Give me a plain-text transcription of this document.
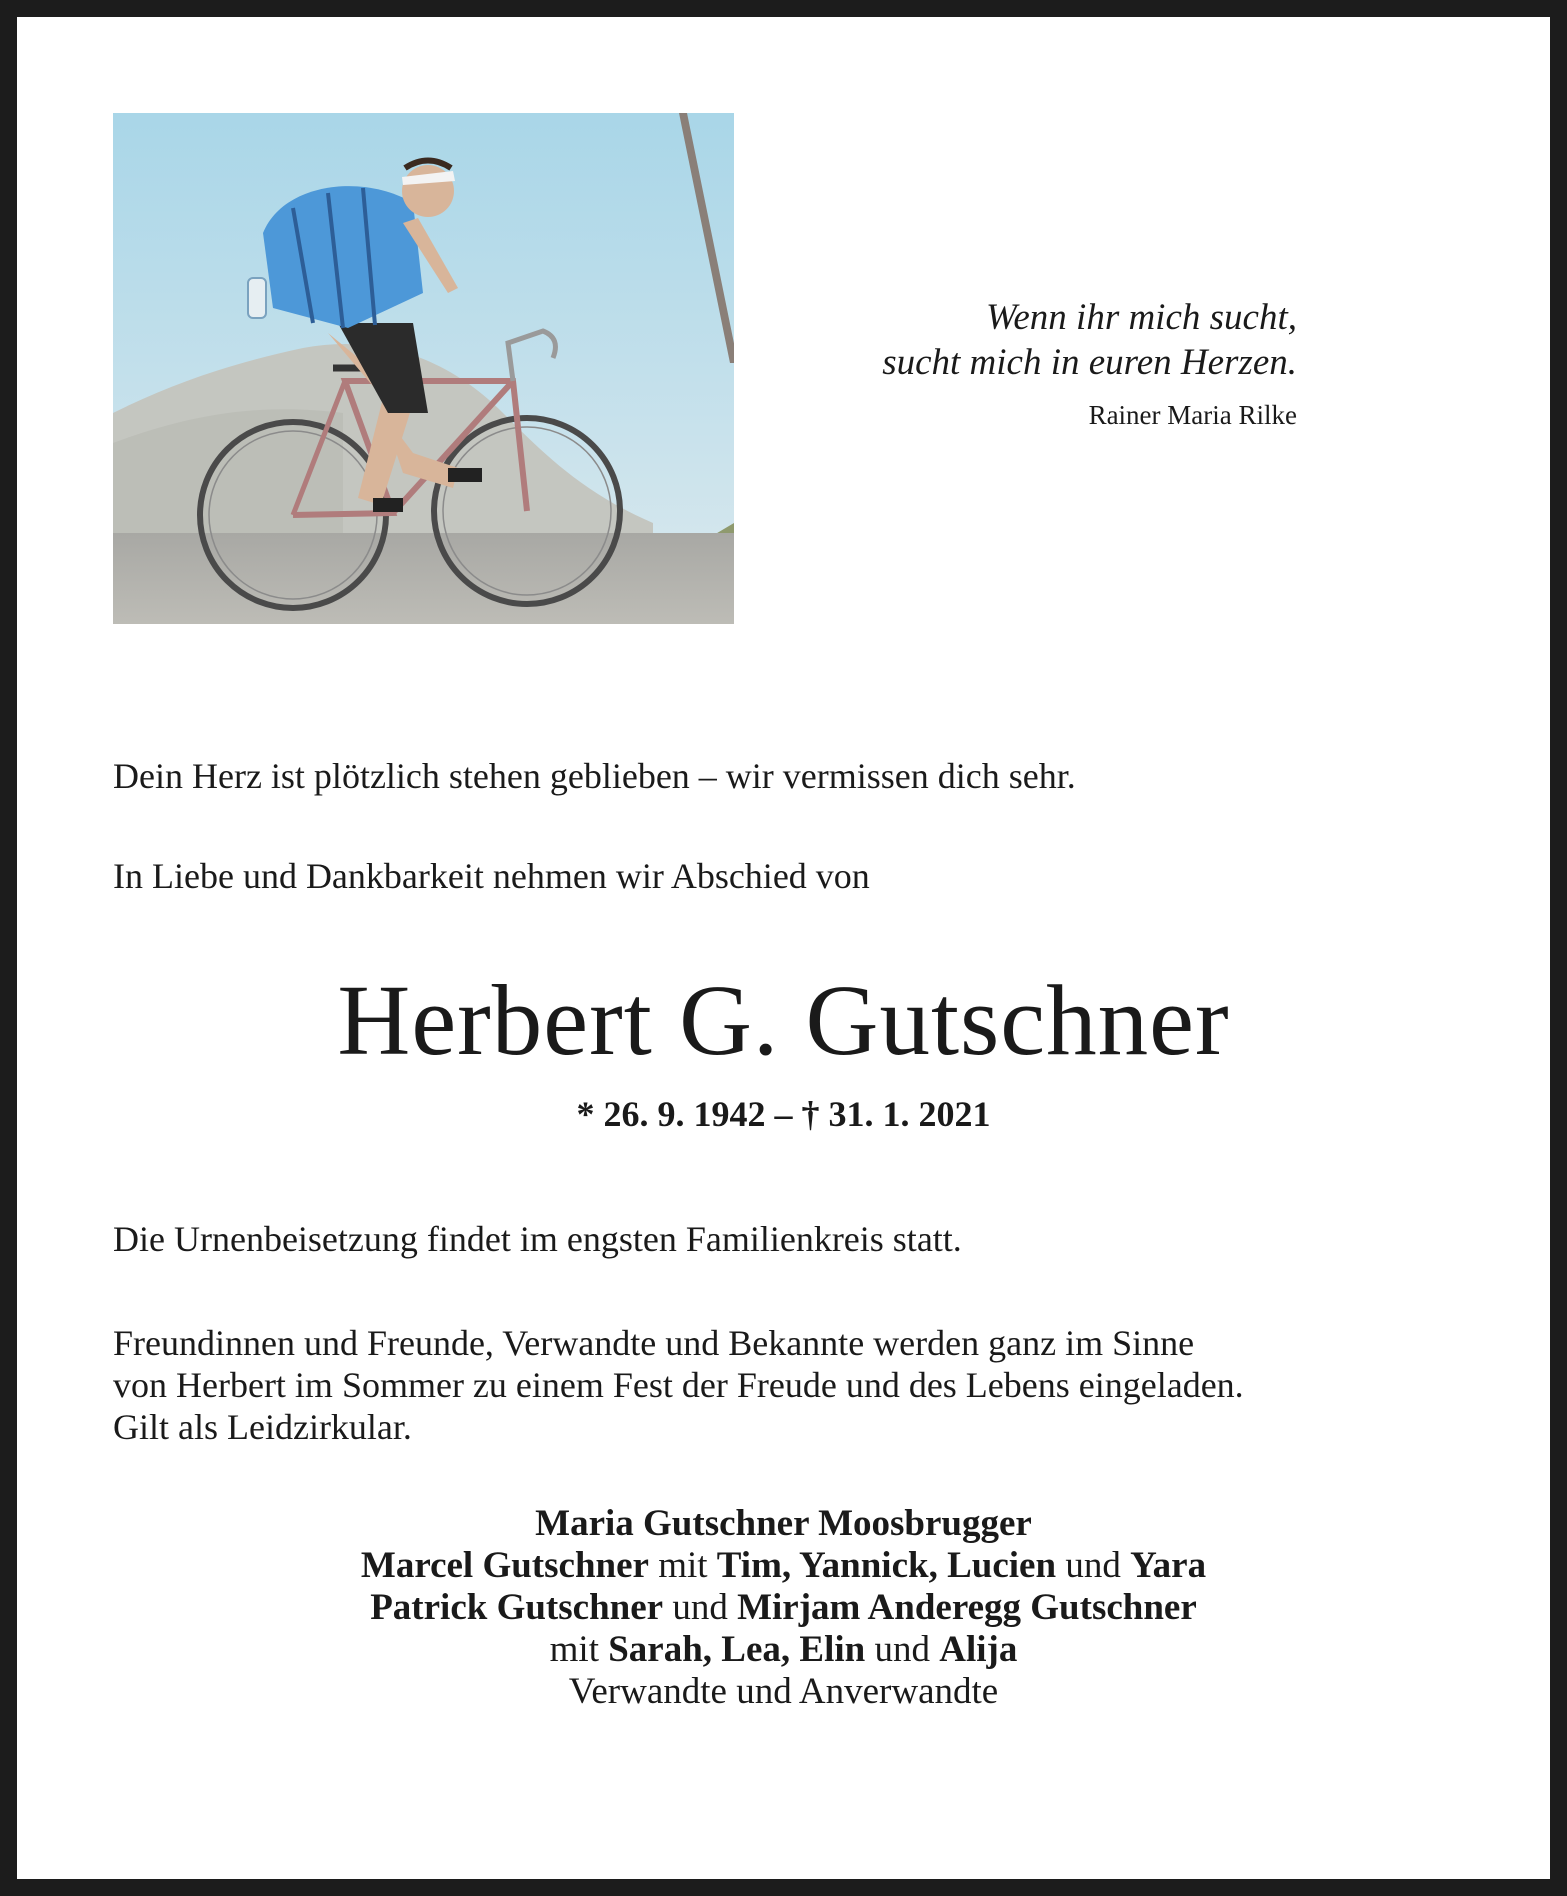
Wenn ihr mich sucht,
sucht mich in euren Herzen.
Rainer Maria Rilke
Dein Herz ist plötzlich stehen geblieben – wir vermissen dich sehr.
In Liebe und Dankbarkeit nehmen wir Abschied von
Herbert G. Gutschner
* 26. 9. 1942 – † 31. 1. 2021
Die Urnenbeisetzung findet im engsten Familienkreis statt.
Freundinnen und Freunde, Verwandte und Bekannte werden ganz im Sinne
von Herbert im Sommer zu einem Fest der Freude und des Lebens eingeladen.
Gilt als Leidzirkular.
Maria Gutschner Moosbrugger
Marcel Gutschner mit Tim, Yannick, Lucien und Yara
Patrick Gutschner und Mirjam Anderegg Gutschner
mit Sarah, Lea, Elin und Alija
Verwandte und Anverwandte
